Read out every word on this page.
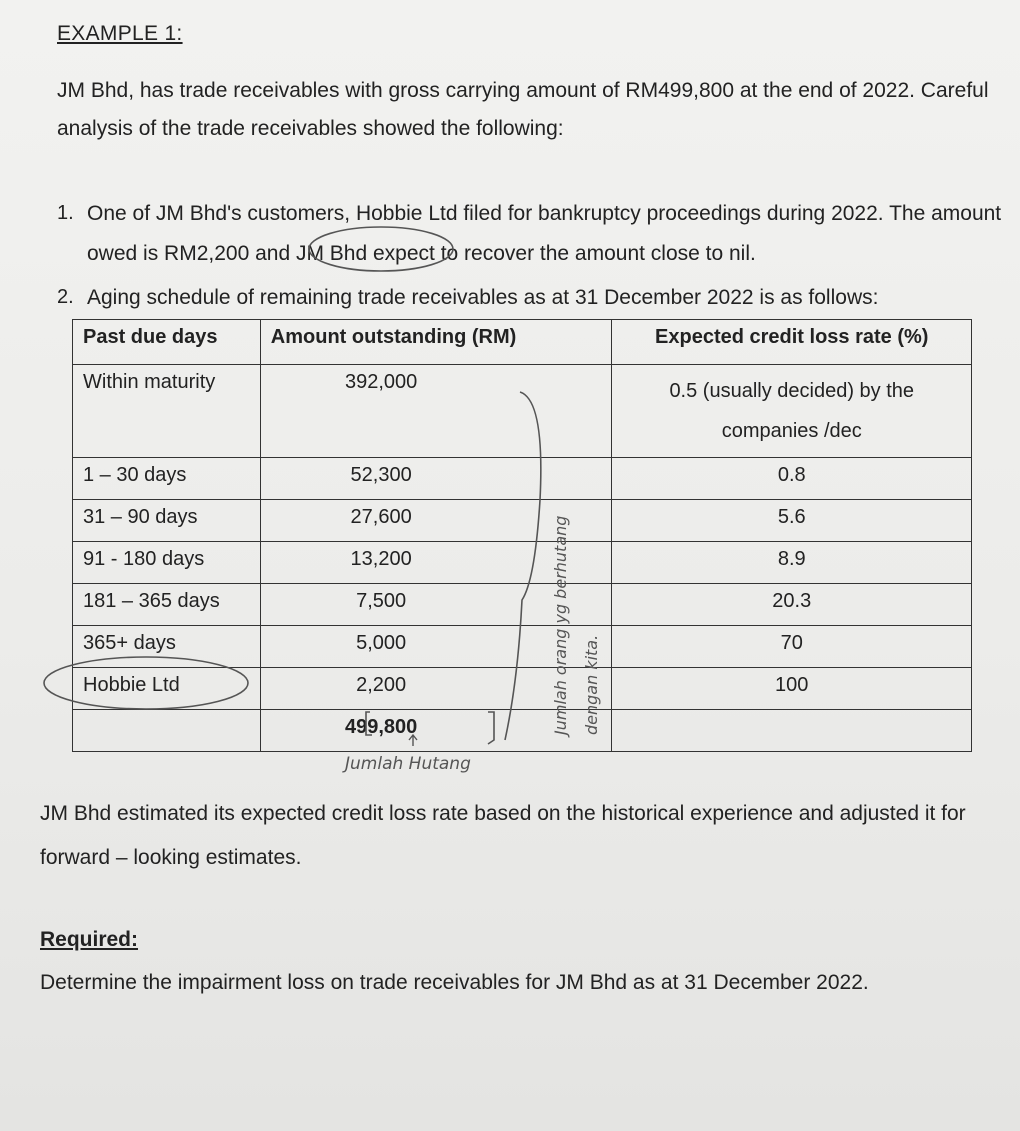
EXAMPLE 1:
JM Bhd, has trade receivables with gross carrying amount of RM499,800 at the end of 2022. Careful analysis of the trade receivables showed the following:
1. One of JM Bhd's customers, Hobbie Ltd filed for bankruptcy proceedings during 2022. The amount owed is RM2,200 and JM Bhd expect to recover the amount close to nil.
2. Aging schedule of remaining trade receivables as at 31 December 2022 is as follows:
Past due days	Amount outstanding (RM)	Expected credit loss rate (%)
Within maturity	392,000	0.5 (usually decided) by the companies /dec
1 – 30 days	52,300	0.8
31 – 90 days	27,600	5.6
91 - 180 days	13,200	8.9
181 – 365 days	7,500	20.3
365+ days	5,000	70
Hobbie Ltd	2,200	100
	499,800	
Jumlah Hutang
Jumlah orang yg berhutang dengan kita.
JM Bhd estimated its expected credit loss rate based on the historical experience and adjusted it for forward – looking estimates.
Required:
Determine the impairment loss on trade receivables for JM Bhd as at 31 December 2022.
